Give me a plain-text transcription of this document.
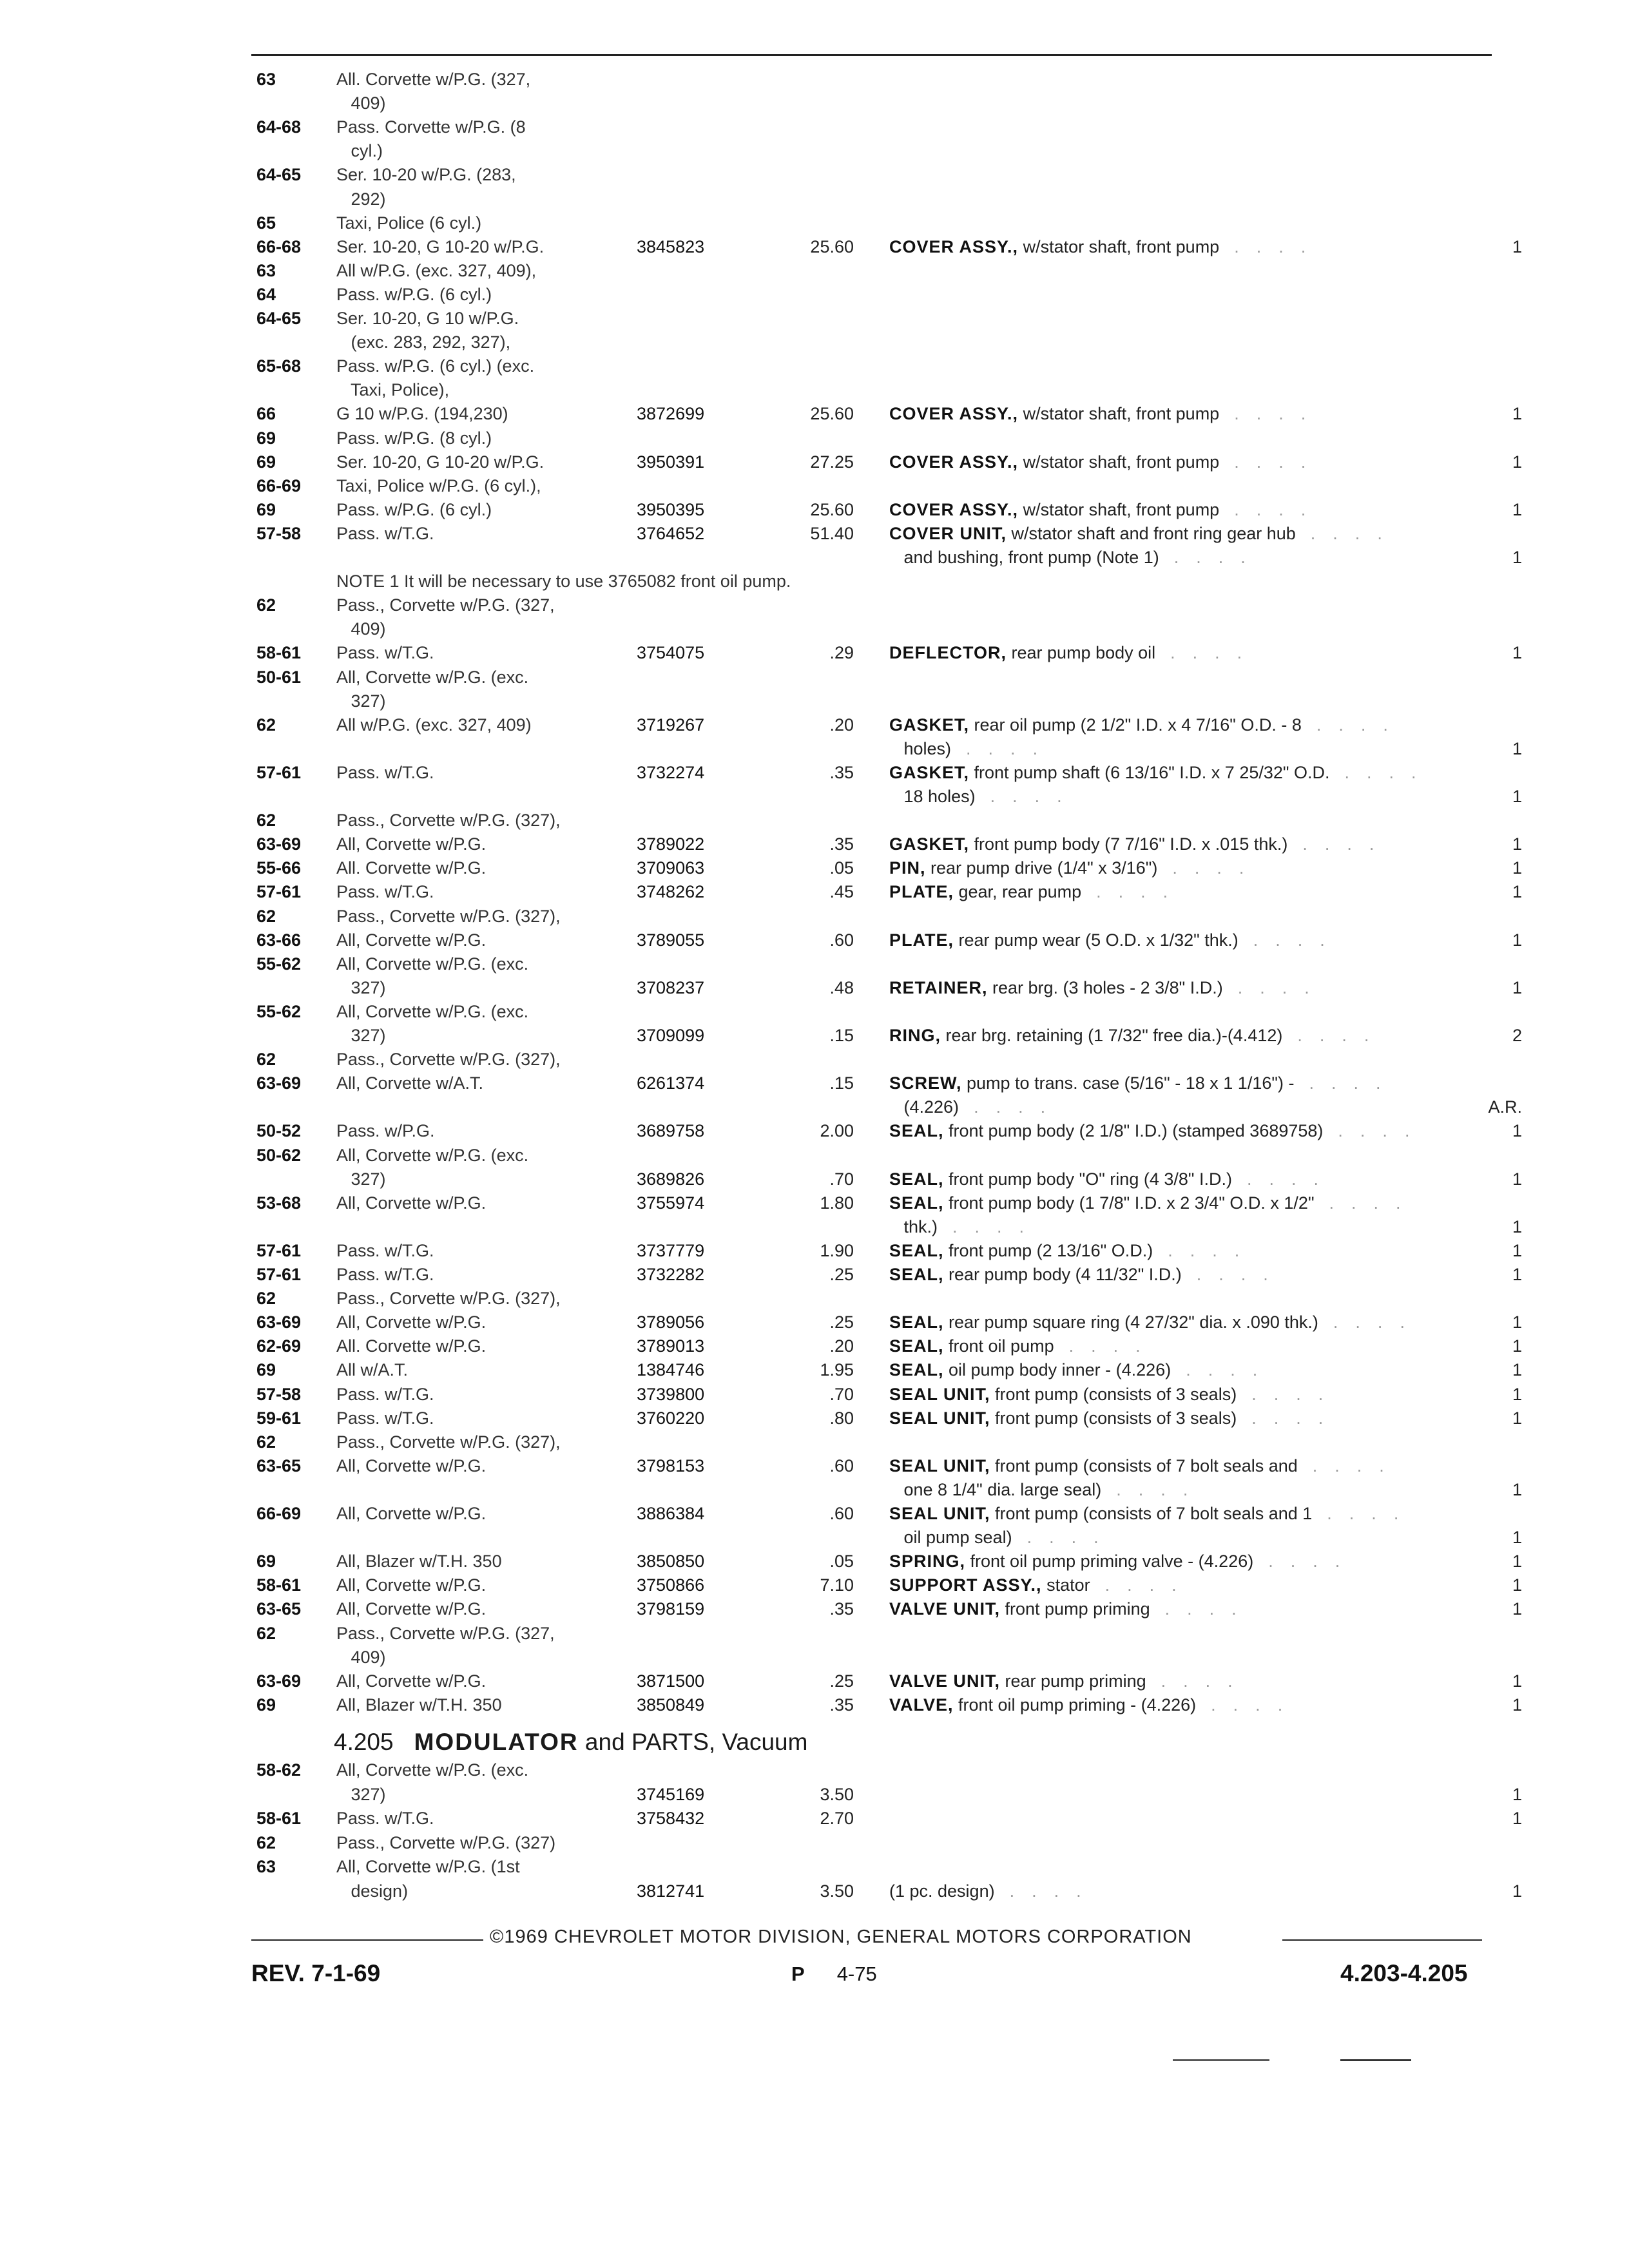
63	All. Corvette w/P.G. (327,
409)
64-68 Pass. Corvette w/P.G. (8
cyl.)
64-65 Ser. 10-20 w/P.G. (283,
292)
65	Taxi, Police (6 cyl.)
66-68 Ser. 10-20, G 10-20 w/P.G.	3845823	25.60 COVER ASSY., w/stator shaft, front pump  .  .  .  .	1
63	All w/P.G. (exc. 327, 409),
64	Pass. w/P.G. (6 cyl.)
64-65 Ser. 10-20, G 10 w/P.G.
(exc. 283, 292, 327),
65-68 Pass. w/P.G. (6 cyl.) (exc.
Taxi, Police),
66	G 10 w/P.G. (194,230)	3872699	25.60 COVER ASSY., w/stator shaft, front pump  .  .  .  .	1
69	Pass. w/P.G. (8 cyl.)
69	Ser. 10-20, G 10-20 w/P.G.	3950391	27.25 COVER ASSY., w/stator shaft, front pump  .  .  .  .	1
66-69 Taxi, Police w/P.G. (6 cyl.),
69	Pass. w/P.G. (6 cyl.)	3950395	25.60 COVER ASSY., w/stator shaft, front pump  .  .  .  .	1
57-58 Pass. w/T.G.	3764652	51.40 COVER UNIT, w/stator shaft and front ring gear hub  .  .  .  .
and bushing, front pump (Note 1)  .  .  .  .	1
NOTE 1 It will be necessary to use 3765082 front oil pump.
62	Pass., Corvette w/P.G. (327,
409)
58-61 Pass. w/T.G.	3754075	.29 DEFLECTOR, rear pump body oil  .  .  .  .	1
50-61 All, Corvette w/P.G. (exc.
327)
62	All w/P.G. (exc. 327, 409)	3719267	.20 GASKET, rear oil pump (2 1/2" I.D. x 4 7/16" O.D. - 8  .  .  .  .
holes)  .  .  .  .	1
57-61 Pass. w/T.G.	3732274	.35 GASKET, front pump shaft (6 13/16" I.D. x 7 25/32" O.D.  .  .  .  .
18 holes)  .  .  .  .	1
62	Pass., Corvette w/P.G. (327),
63-69 All, Corvette w/P.G.	3789022	.35 GASKET, front pump body (7 7/16" I.D. x .015 thk.)  .  .  .  .	1
55-66 All. Corvette w/P.G.	3709063	.05 PIN, rear pump drive (1/4" x 3/16")  .  .  .  .	1
57-61 Pass. w/T.G.	3748262	.45 PLATE, gear, rear pump  .  .  .  .	1
62	Pass., Corvette w/P.G. (327),
63-66 All, Corvette w/P.G.	3789055	.60 PLATE, rear pump wear (5 O.D. x 1/32" thk.)  .  .  .  .	1
55-62 All, Corvette w/P.G. (exc.
327)	3708237	.48 RETAINER, rear brg. (3 holes - 2 3/8" I.D.)  .  .  .  .	1
55-62 All, Corvette w/P.G. (exc.
327)	3709099	.15 RING, rear brg. retaining (1 7/32" free dia.)-(4.412)  .  .  .  .	2
62	Pass., Corvette w/P.G. (327),
63-69 All, Corvette w/A.T.	6261374	.15 SCREW, pump to trans. case (5/16" - 18 x 1 1/16") -  .  .  .  .
(4.226)  .  .  .  .	A.R.
50-52 Pass. w/P.G.	3689758	2.00 SEAL, front pump body (2 1/8" I.D.) (stamped 3689758)  .  .  .  .	1
50-62 All, Corvette w/P.G. (exc.
327)	3689826	.70 SEAL, front pump body "O" ring (4 3/8" I.D.)  .  .  .  .	1
53-68 All, Corvette w/P.G.	3755974	1.80 SEAL, front pump body (1 7/8" I.D. x 2 3/4" O.D. x 1/2"  .  .  .  .
thk.)  .  .  .  .	1
57-61 Pass. w/T.G.	3737779	1.90 SEAL, front pump (2 13/16" O.D.)  .  .  .  .	1
57-61 Pass. w/T.G.	3732282	.25 SEAL, rear pump body (4 11/32" I.D.)  .  .  .  .	1
62	Pass., Corvette w/P.G. (327),
63-69 All, Corvette w/P.G.	3789056	.25 SEAL, rear pump square ring (4 27/32" dia. x .090 thk.)  .  .  .  .	1
62-69 All. Corvette w/P.G.	3789013	.20 SEAL, front oil pump  .  .  .  .	1
69	All w/A.T.	1384746	1.95 SEAL, oil pump body inner - (4.226)  .  .  .  .	1
57-58 Pass. w/T.G.	3739800	.70 SEAL UNIT, front pump (consists of 3 seals)  .  .  .  .	1
59-61 Pass. w/T.G.	3760220	.80 SEAL UNIT, front pump (consists of 3 seals)  .  .  .  .	1
62	Pass., Corvette w/P.G. (327),
63-65 All, Corvette w/P.G.	3798153	.60 SEAL UNIT, front pump (consists of 7 bolt seals and  .  .  .  .
one 8 1/4" dia. large seal)  .  .  .  .	1
66-69 All, Corvette w/P.G.	3886384	.60 SEAL UNIT, front pump (consists of 7 bolt seals and 1  .  .  .  .
oil pump seal)  .  .  .  .	1
69	All, Blazer w/T.H. 350	3850850	.05 SPRING, front oil pump priming valve - (4.226)  .  .  .  .	1
58-61 All, Corvette w/P.G.	3750866	7.10 SUPPORT ASSY., stator  .  .  .  .	1
63-65 All, Corvette w/P.G.	3798159	.35 VALVE UNIT, front pump priming  .  .  .  .	1
62	Pass., Corvette w/P.G. (327,
409)
63-69 All, Corvette w/P.G.	3871500	.25 VALVE UNIT, rear pump priming  .  .  .  .	1
69	All, Blazer w/T.H. 350	3850849	.35 VALVE, front oil pump priming - (4.226)  .  .  .  .	1
4.205 MODULATOR and PARTS, Vacuum
58-62 All, Corvette w/P.G. (exc.
327)	3745169	3.50	1
58-61 Pass. w/T.G.	3758432	2.70	1
62	Pass., Corvette w/P.G. (327)
63	All, Corvette w/P.G. (1st
design)	3812741	3.50 (1 pc. design)  .  .  .  .	1
©1969 CHEVROLET MOTOR DIVISION, GENERAL MOTORS CORPORATION
REV. 7-1-69	P 4-75	4.203-4.205
